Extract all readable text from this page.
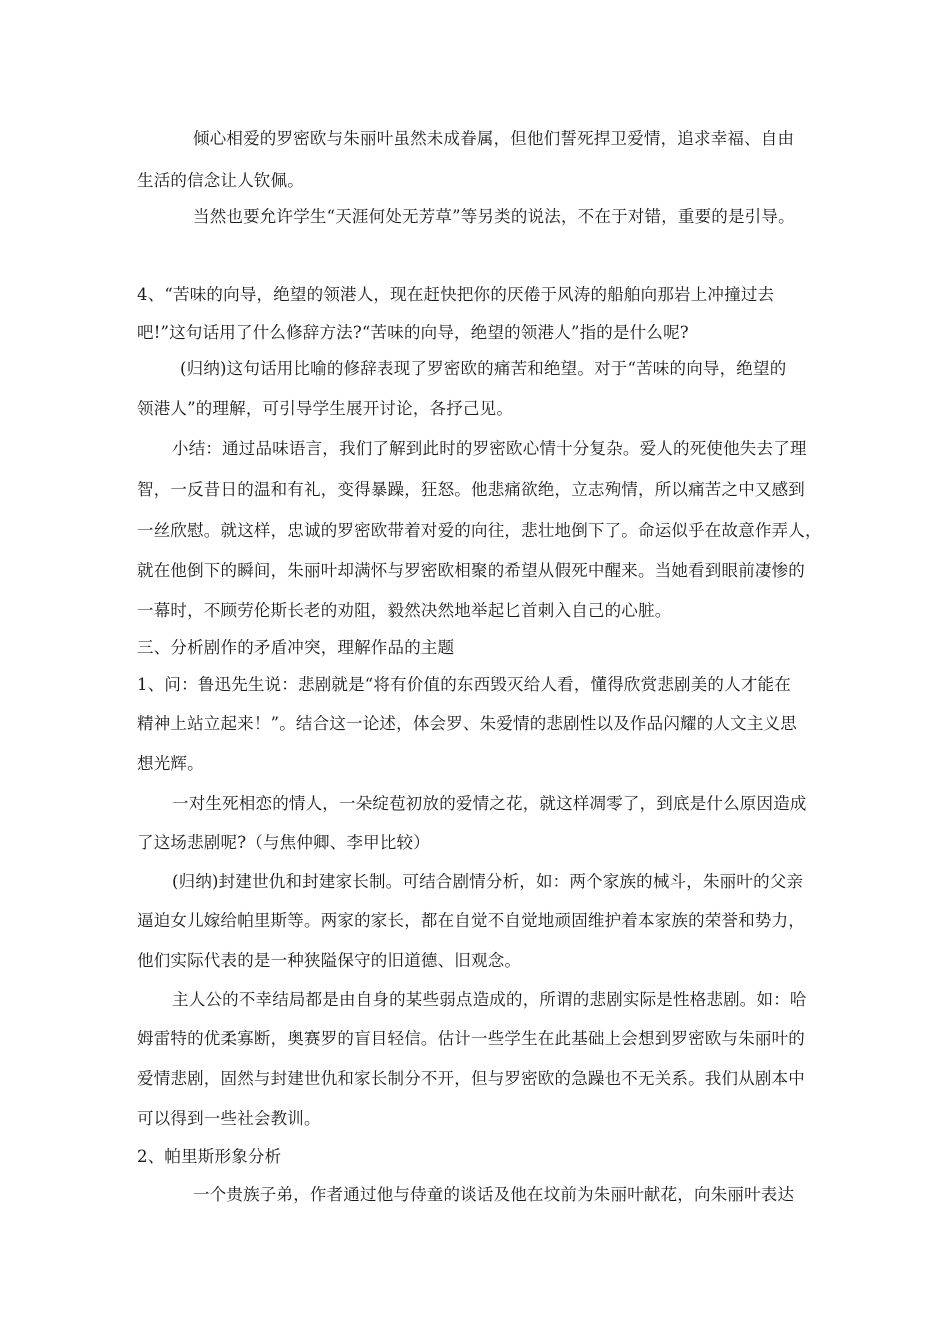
倾心相爱的罗密欧与朱丽叶虽然未成眷属，但他们誓死捍卫爱情，追求幸福、自由
生活的信念让人钦佩。
当然也要允许学生“天涯何处无芳草”等另类的说法，不在于对错，重要的是引导。
4、“苦味的向导，绝望的领港人，现在赶快把你的厌倦于风涛的船舶向那岩上冲撞过去
吧!”这句话用了什么修辞方法?“苦味的向导，绝望的领港人”指的是什么呢?
(归纳)这句话用比喻的修辞表现了罗密欧的痛苦和绝望。对于“苦味的向导，绝望的
领港人”的理解，可引导学生展开讨论，各抒己见。
小结：通过品味语言，我们了解到此时的罗密欧心情十分复杂。爱人的死使他失去了理
智，一反昔日的温和有礼，变得暴躁，狂怒。他悲痛欲绝，立志殉情，所以痛苦之中又感到
一丝欣慰。就这样，忠诚的罗密欧带着对爱的向往，悲壮地倒下了。命运似乎在故意作弄人，
就在他倒下的瞬间，朱丽叶却满怀与罗密欧相聚的希望从假死中醒来。当她看到眼前凄惨的
一幕时，不顾劳伦斯长老的劝阻，毅然决然地举起匕首刺入自己的心脏。
三、分析剧作的矛盾冲突，理解作品的主题
1、问：鲁迅先生说：悲剧就是“将有价值的东西毁灭给人看，懂得欣赏悲剧美的人才能在
精神上站立起来！”。结合这一论述，体会罗、朱爱情的悲剧性以及作品闪耀的人文主义思
想光辉。
一对生死相恋的情人，一朵绽苞初放的爱情之花，就这样凋零了，到底是什么原因造成
了这场悲剧呢?（与焦仲卿、李甲比较）
(归纳)封建世仇和封建家长制。可结合剧情分析，如：两个家族的械斗，朱丽叶的父亲
逼迫女儿嫁给帕里斯等。两家的家长，都在自觉不自觉地顽固维护着本家族的荣誉和势力，
他们实际代表的是一种狭隘保守的旧道德、旧观念。
主人公的不幸结局都是由自身的某些弱点造成的，所谓的悲剧实际是性格悲剧。如：哈
姆雷特的优柔寡断，奥赛罗的盲目轻信。估计一些学生在此基础上会想到罗密欧与朱丽叶的
爱情悲剧，固然与封建世仇和家长制分不开，但与罗密欧的急躁也不无关系。我们从剧本中
可以得到一些社会教训。
2、帕里斯形象分析
一个贵族子弟，作者通过他与侍童的谈话及他在坟前为朱丽叶献花，向朱丽叶表达
